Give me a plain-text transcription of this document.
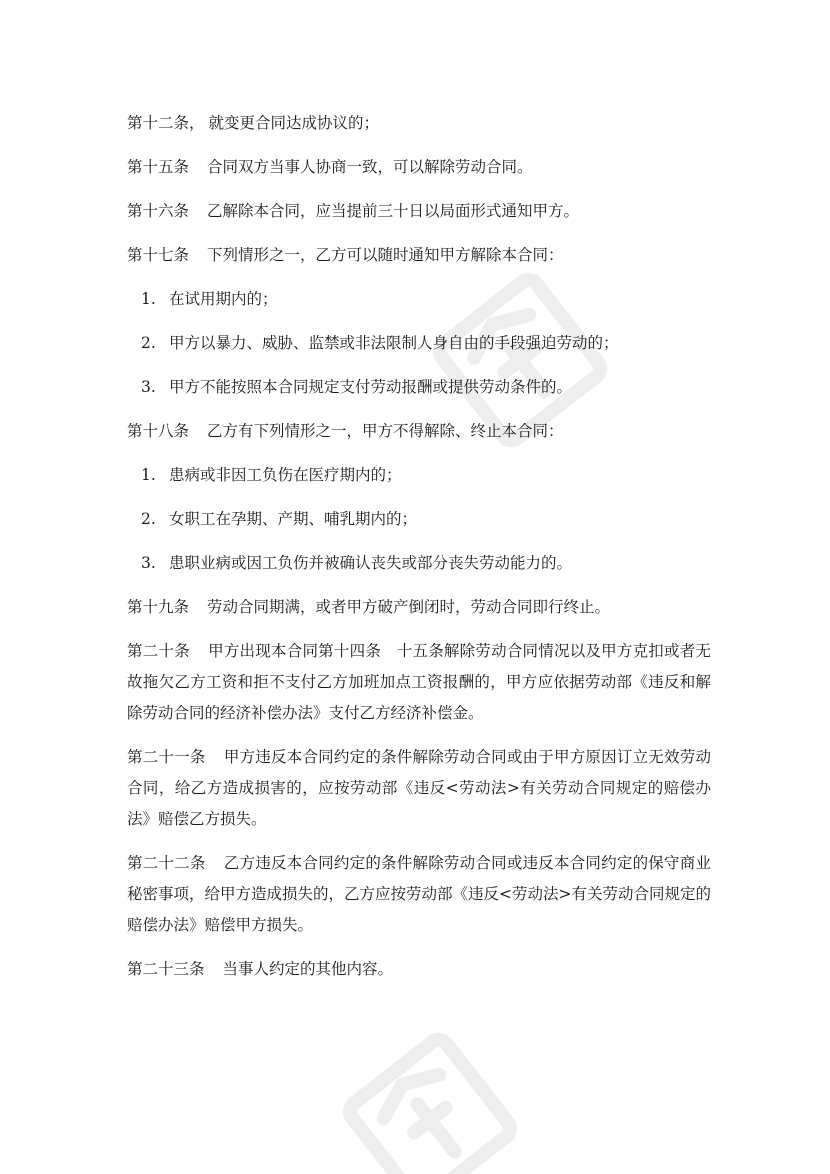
第十二条， 就变更合同达成协议的；
第十五条 合同双方当事人协商一致，可以解除劳动合同。
第十六条 乙解除本合同，应当提前三十日以局面形式通知甲方。
第十七条 下列情形之一，乙方可以随时通知甲方解除本合同：
1. 在试用期内的；
2. 甲方以暴力、威胁、监禁或非法限制人身自由的手段强迫劳动的；
3. 甲方不能按照本合同规定支付劳动报酬或提供劳动条件的。
第十八条 乙方有下列情形之一，甲方不得解除、终止本合同：
1. 患病或非因工负伤在医疗期内的；
2. 女职工在孕期、产期、哺乳期内的；
3. 患职业病或因工负伤并被确认丧失或部分丧失劳动能力的。
第十九条 劳动合同期满，或者甲方破产倒闭时，劳动合同即行终止。
第二十条 甲方出现本合同第十四条　十五条解除劳动合同情况以及甲方克扣或者无故拖欠乙方工资和拒不支付乙方加班加点工资报酬的，甲方应依据劳动部《违反和解除劳动合同的经济补偿办法》支付乙方经济补偿金。
第二十一条 甲方违反本合同约定的条件解除劳动合同或由于甲方原因订立无效劳动合同，给乙方造成损害的，应按劳动部《违反<劳动法>有关劳动合同规定的赔偿办法》赔偿乙方损失。
第二十二条 乙方违反本合同约定的条件解除劳动合同或违反本合同约定的保守商业秘密事项，给甲方造成损失的，乙方应按劳动部《违反<劳动法>有关劳动合同规定的赔偿办法》赔偿甲方损失。
第二十三条 当事人约定的其他内容。
